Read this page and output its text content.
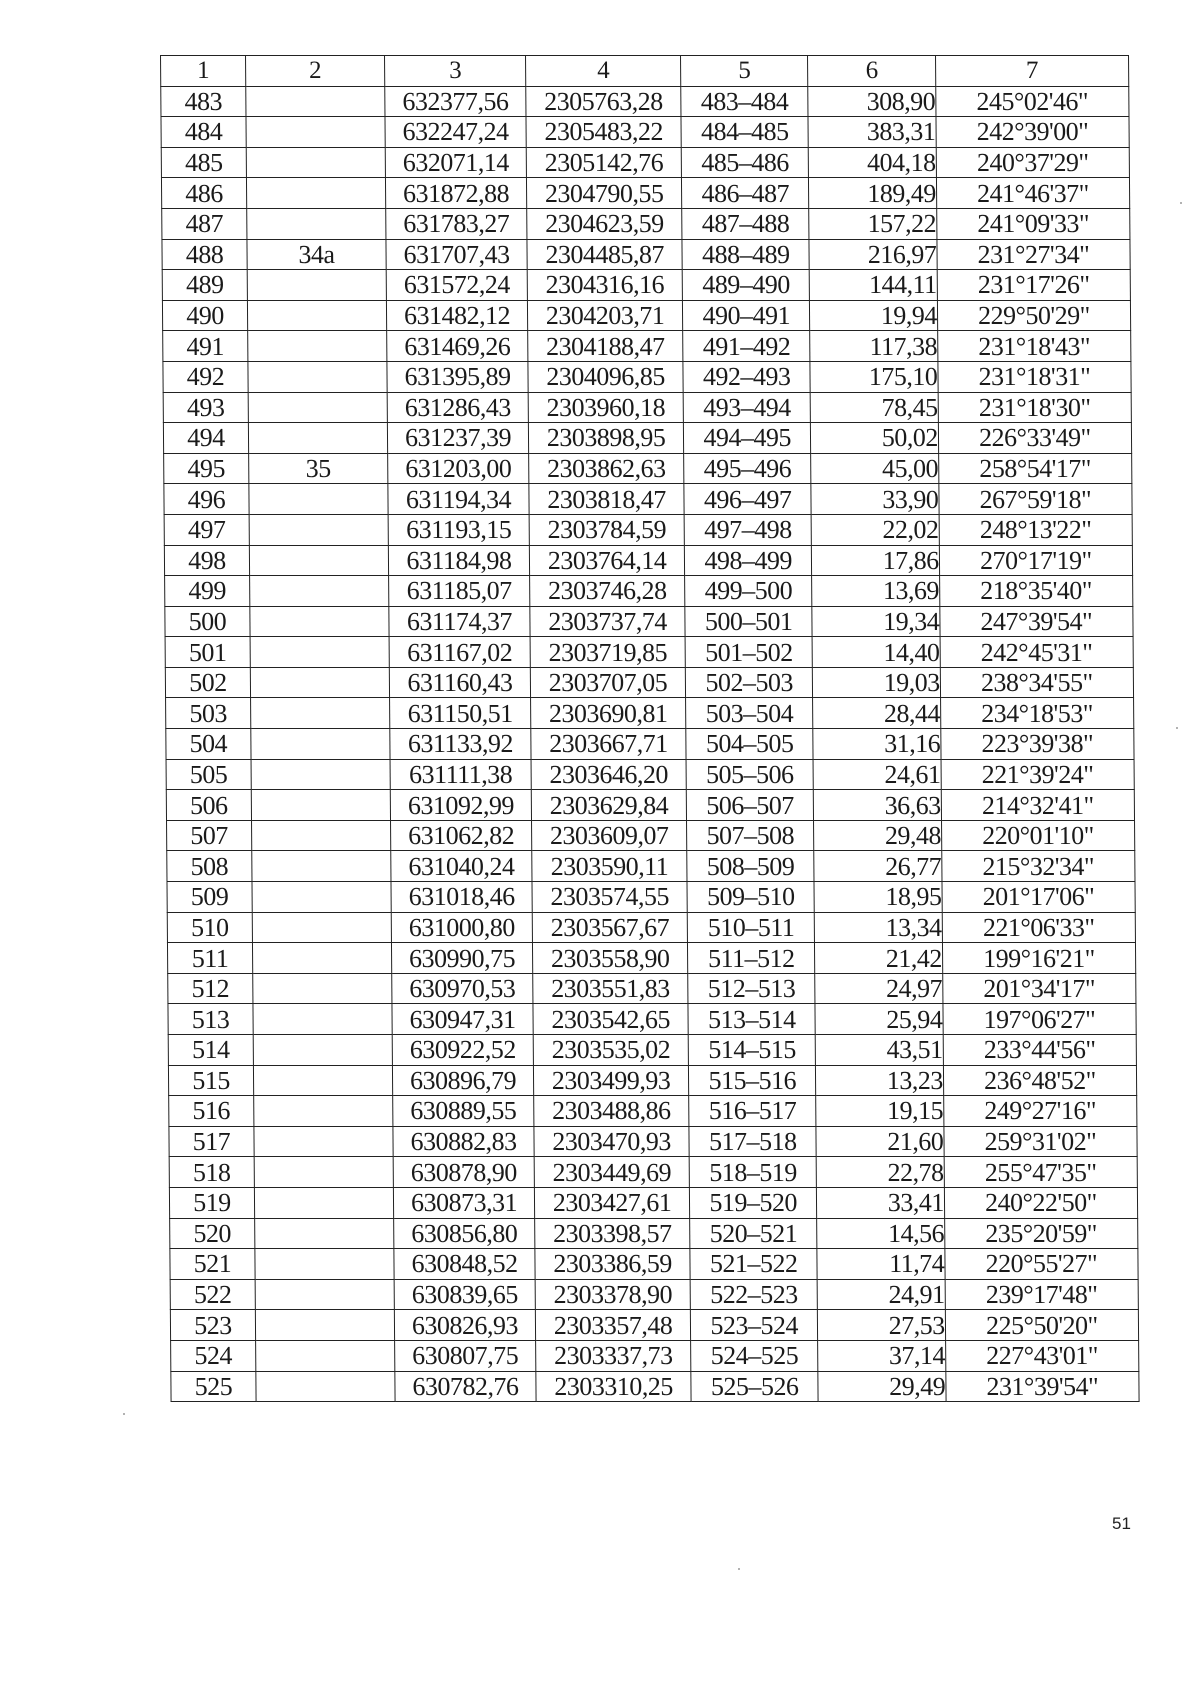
1	2	3	4	5	6	7
483		632377,56	2305763,28	483–484	308,90	245°02'46"
484		632247,24	2305483,22	484–485	383,31	242°39'00"
485		632071,14	2305142,76	485–486	404,18	240°37'29"
486		631872,88	2304790,55	486–487	189,49	241°46'37"
487		631783,27	2304623,59	487–488	157,22	241°09'33"
488	34a	631707,43	2304485,87	488–489	216,97	231°27'34"
489		631572,24	2304316,16	489–490	144,11	231°17'26"
490		631482,12	2304203,71	490–491	19,94	229°50'29"
491		631469,26	2304188,47	491–492	117,38	231°18'43"
492		631395,89	2304096,85	492–493	175,10	231°18'31"
493		631286,43	2303960,18	493–494	78,45	231°18'30"
494		631237,39	2303898,95	494–495	50,02	226°33'49"
495	35	631203,00	2303862,63	495–496	45,00	258°54'17"
496		631194,34	2303818,47	496–497	33,90	267°59'18"
497		631193,15	2303784,59	497–498	22,02	248°13'22"
498		631184,98	2303764,14	498–499	17,86	270°17'19"
499		631185,07	2303746,28	499–500	13,69	218°35'40"
500		631174,37	2303737,74	500–501	19,34	247°39'54"
501		631167,02	2303719,85	501–502	14,40	242°45'31"
502		631160,43	2303707,05	502–503	19,03	238°34'55"
503		631150,51	2303690,81	503–504	28,44	234°18'53"
504		631133,92	2303667,71	504–505	31,16	223°39'38"
505		631111,38	2303646,20	505–506	24,61	221°39'24"
506		631092,99	2303629,84	506–507	36,63	214°32'41"
507		631062,82	2303609,07	507–508	29,48	220°01'10"
508		631040,24	2303590,11	508–509	26,77	215°32'34"
509		631018,46	2303574,55	509–510	18,95	201°17'06"
510		631000,80	2303567,67	510–511	13,34	221°06'33"
511		630990,75	2303558,90	511–512	21,42	199°16'21"
512		630970,53	2303551,83	512–513	24,97	201°34'17"
513		630947,31	2303542,65	513–514	25,94	197°06'27"
514		630922,52	2303535,02	514–515	43,51	233°44'56"
515		630896,79	2303499,93	515–516	13,23	236°48'52"
516		630889,55	2303488,86	516–517	19,15	249°27'16"
517		630882,83	2303470,93	517–518	21,60	259°31'02"
518		630878,90	2303449,69	518–519	22,78	255°47'35"
519		630873,31	2303427,61	519–520	33,41	240°22'50"
520		630856,80	2303398,57	520–521	14,56	235°20'59"
521		630848,52	2303386,59	521–522	11,74	220°55'27"
522		630839,65	2303378,90	522–523	24,91	239°17'48"
523		630826,93	2303357,48	523–524	27,53	225°50'20"
524		630807,75	2303337,73	524–525	37,14	227°43'01"
525		630782,76	2303310,25	525–526	29,49	231°39'54"
51
